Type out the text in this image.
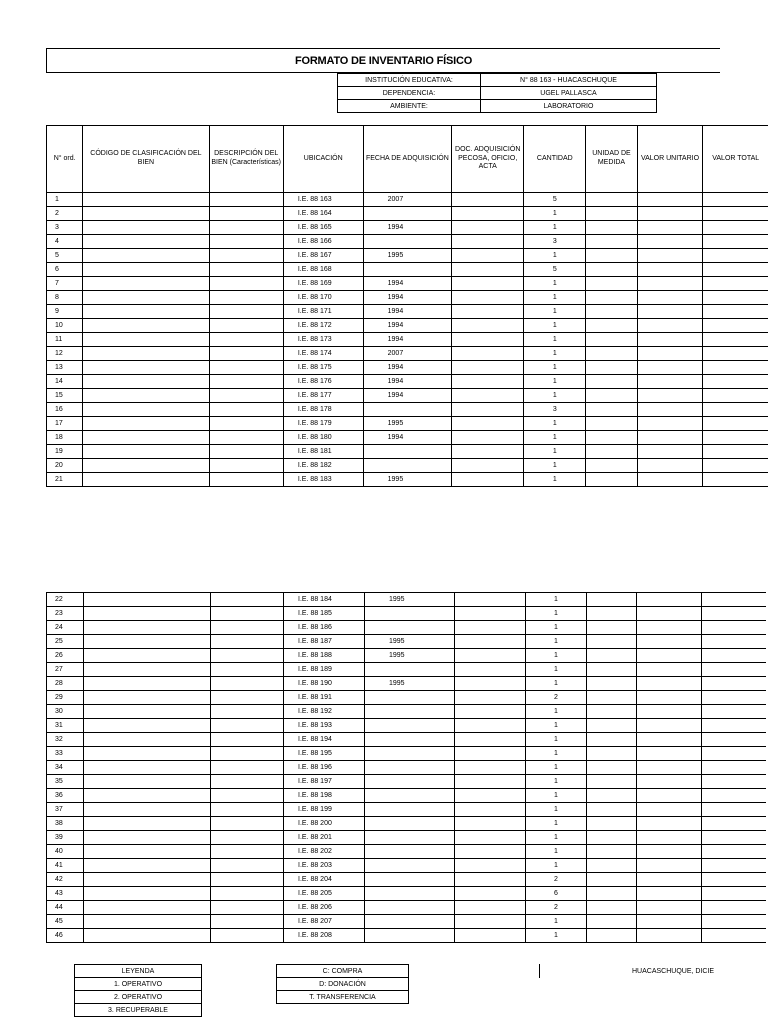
FORMATO DE INVENTARIO FÍSICO
INSTITUCIÓN EDUCATIVA:	N° 88 163 - HUACASCHUQUE
DEPENDENCIA:	UGEL PALLASCA
AMBIENTE:	LABORATORIO
N° ord.	CÓDIGO DE CLASIFICACIÓN DEL BIEN	DESCRIPCIÓN DEL BIEN (Características)	UBICACIÓN	FECHA DE ADQUISICIÓN	DOC. ADQUISICIÓN PECOSA, OFICIO, ACTA	CANTIDAD	UNIDAD DE MEDIDA	VALOR UNITARIO	VALOR TOTAL
1			I.E. 88 163	2007		5			
2			I.E. 88 164			1			
3			I.E. 88 165	1994		1			
4			I.E. 88 166			3			
5			I.E. 88 167	1995		1			
6			I.E. 88 168			5			
7			I.E. 88 169	1994		1			
8			I.E. 88 170	1994		1			
9			I.E. 88 171	1994		1			
10			I.E. 88 172	1994		1			
11			I.E. 88 173	1994		1			
12			I.E. 88 174	2007		1			
13			I.E. 88 175	1994		1			
14			I.E. 88 176	1994		1			
15			I.E. 88 177	1994		1			
16			I.E. 88 178			3			
17			I.E. 88 179	1995		1			
18			I.E. 88 180	1994		1			
19			I.E. 88 181			1			
20			I.E. 88 182			1			
21			I.E. 88 183	1995		1			
22			I.E. 88 184	1995		1			
23			I.E. 88 185			1			
24			I.E. 88 186			1			
25			I.E. 88 187	1995		1			
26			I.E. 88 188	1995		1			
27			I.E. 88 189			1			
28			I.E. 88 190	1995		1			
29			I.E. 88 191			2			
30			I.E. 88 192			1			
31			I.E. 88 193			1			
32			I.E. 88 194			1			
33			I.E. 88 195			1			
34			I.E. 88 196			1			
35			I.E. 88 197			1			
36			I.E. 88 198			1			
37			I.E. 88 199			1			
38			I.E. 88 200			1			
39			I.E. 88 201			1			
40			I.E. 88 202			1			
41			I.E. 88 203			1			
42			I.E. 88 204			2			
43			I.E. 88 205			6			
44			I.E. 88 206			2			
45			I.E. 88 207			1			
46			I.E. 88 208			1			
LEYENDA
1. OPERATIVO
2. OPERATIVO
3. RECUPERABLE
C: COMPRA
D: DONACIÓN
T. TRANSFERENCIA
HUACASCHUQUE, DICIE
